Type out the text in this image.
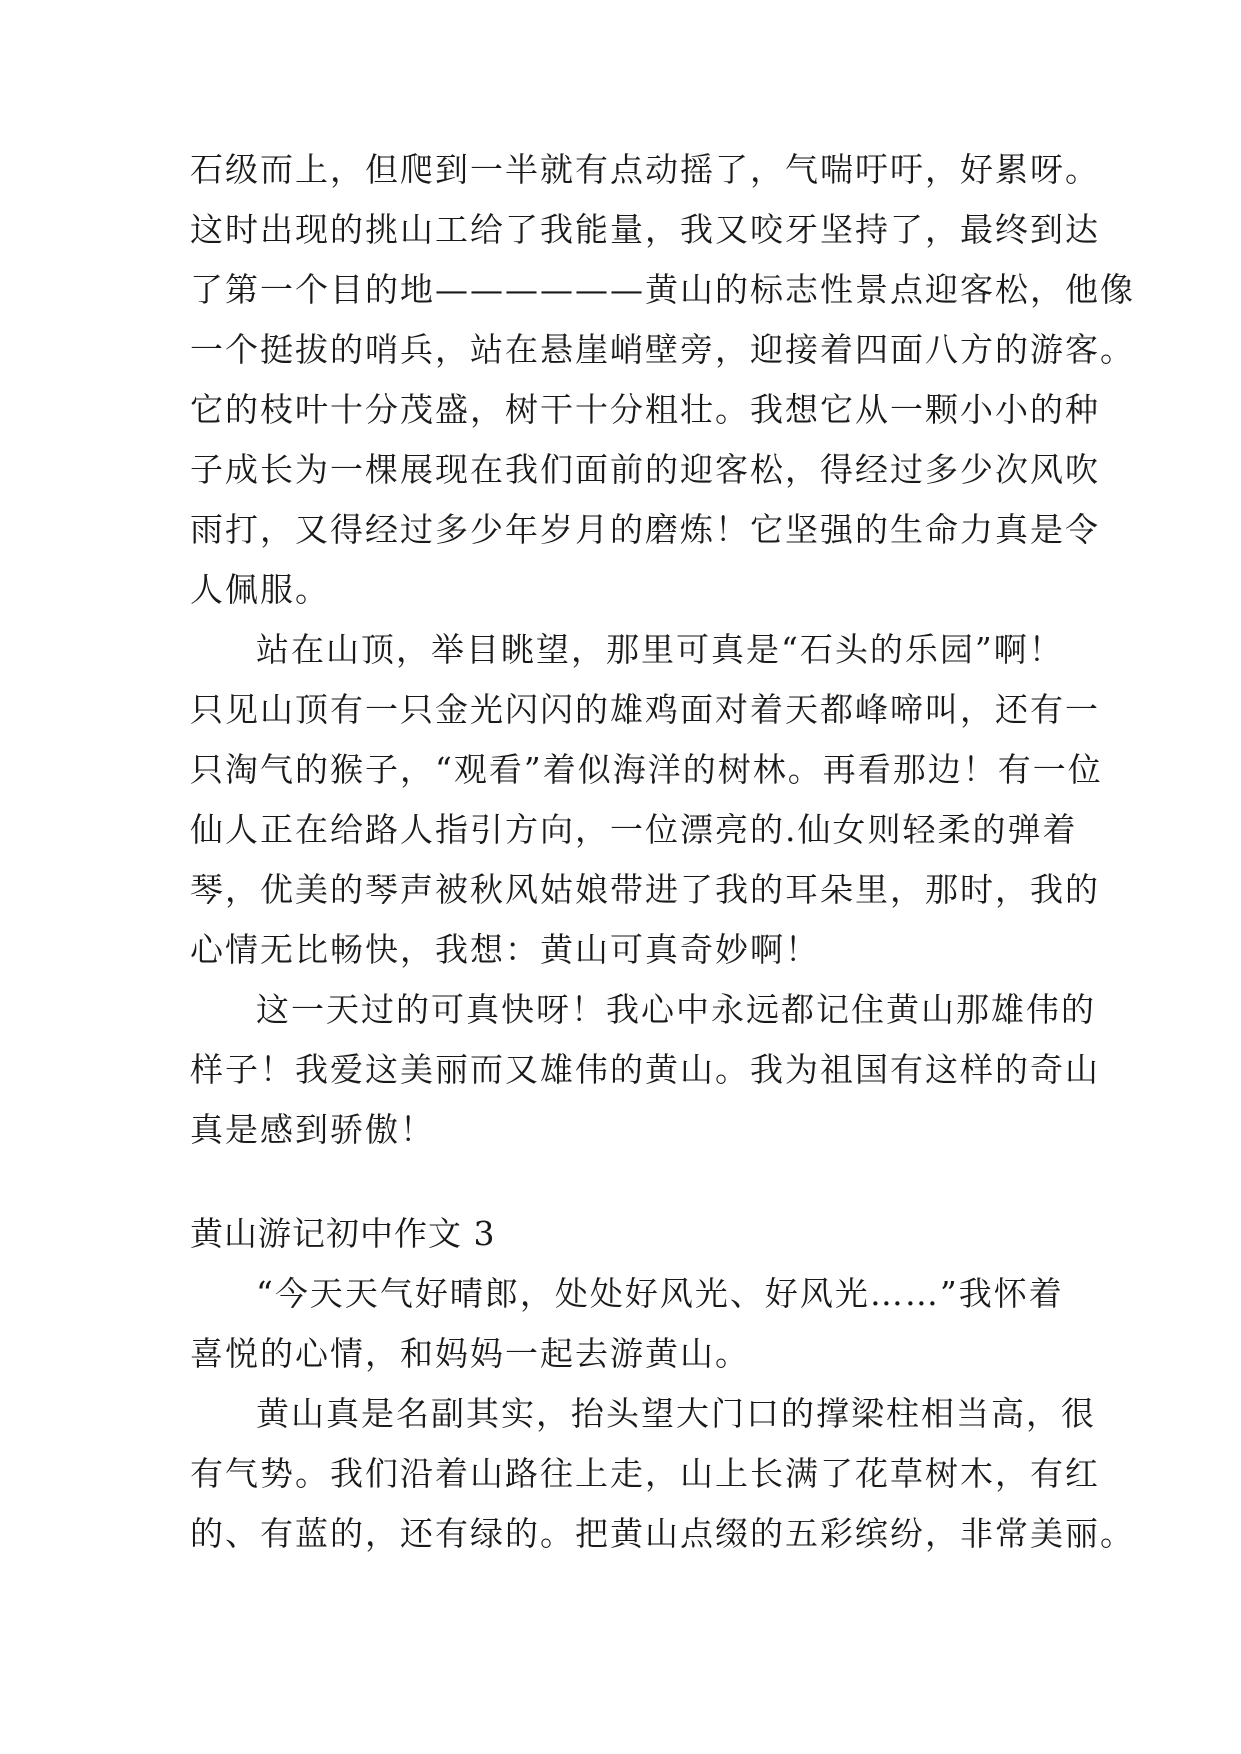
石级而上，但爬到一半就有点动摇了，气喘吁吁，好累呀。
这时出现的挑山工给了我能量，我又咬牙坚持了，最终到达
了第一个目的地——————黄山的标志性景点迎客松，他像
一个挺拔的哨兵，站在悬崖峭壁旁，迎接着四面八方的游客。
它的枝叶十分茂盛，树干十分粗壮。我想它从一颗小小的种
子成长为一棵展现在我们面前的迎客松，得经过多少次风吹
雨打，又得经过多少年岁月的磨炼！它坚强的生命力真是令
人佩服。
站在山顶，举目眺望，那里可真是“石头的乐园”啊！
只见山顶有一只金光闪闪的雄鸡面对着天都峰啼叫，还有一
只淘气的猴子，“观看”着似海洋的树林。再看那边！有一位
仙人正在给路人指引方向，一位漂亮的.仙女则轻柔的弹着
琴，优美的琴声被秋风姑娘带进了我的耳朵里，那时，我的
心情无比畅快，我想：黄山可真奇妙啊！
这一天过的可真快呀！我心中永远都记住黄山那雄伟的
样子！我爱这美丽而又雄伟的黄山。我为祖国有这样的奇山
真是感到骄傲！
黄山游记初中作文 3
“今天天气好晴郎，处处好风光、好风光……”我怀着
喜悦的心情，和妈妈一起去游黄山。
黄山真是名副其实，抬头望大门口的撑梁柱相当高，很
有气势。我们沿着山路往上走，山上长满了花草树木，有红
的、有蓝的，还有绿的。把黄山点缀的五彩缤纷，非常美丽。
